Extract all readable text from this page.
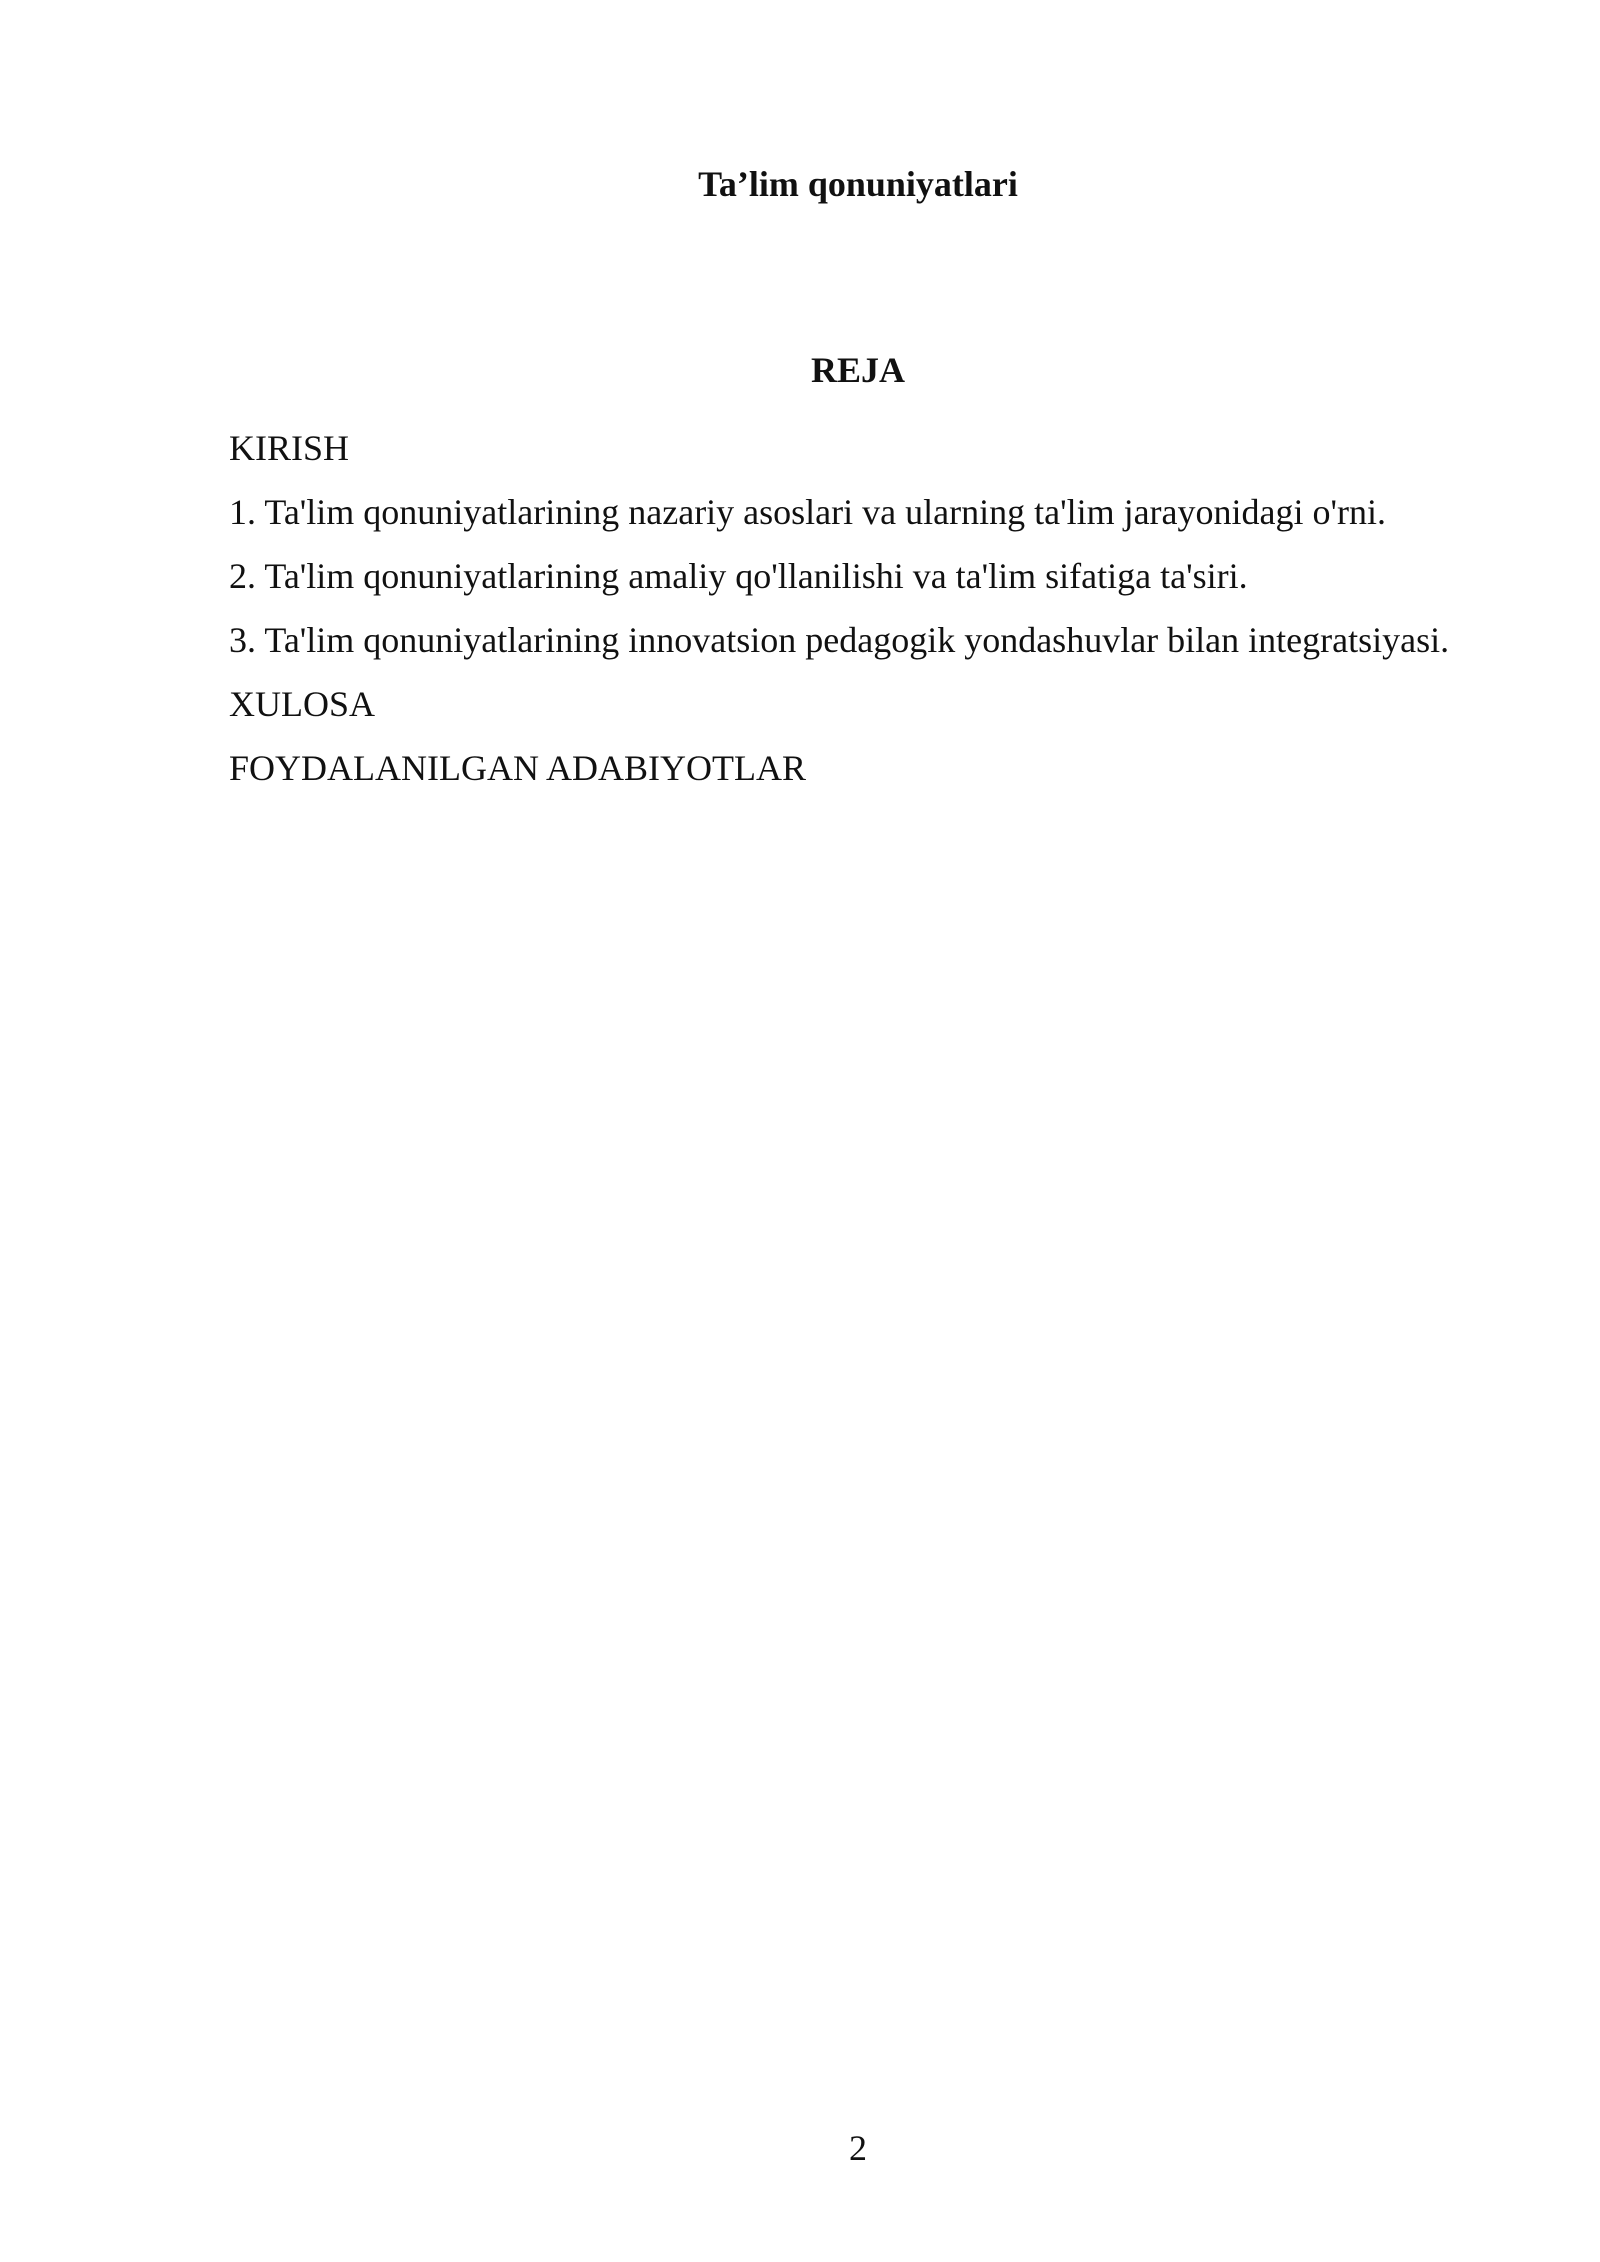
Ta’lim qonuniyatlari
REJA
KIRISH
1. Ta'lim qonuniyatlarining nazariy asoslari va ularning ta'lim jarayonidagi o'rni.
2. Ta'lim qonuniyatlarining amaliy qo'llanilishi va ta'lim sifatiga ta'siri.
3. Ta'lim qonuniyatlarining innovatsion pedagogik yondashuvlar bilan integratsiyasi.
XULOSA
FOYDALANILGAN ADABIYOTLAR
2
